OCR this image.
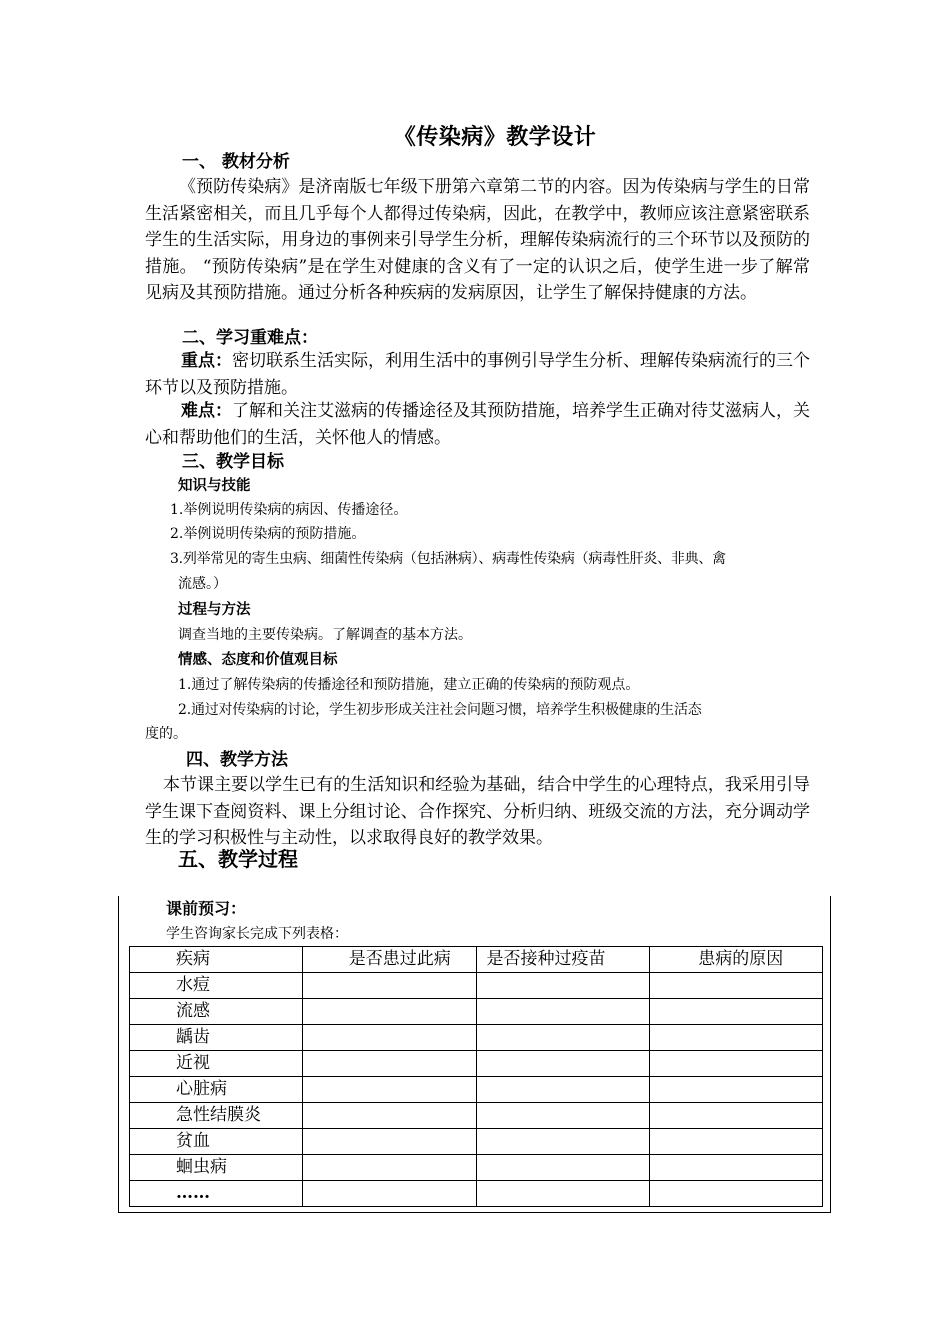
《传染病》教学设计
一、 教材分析
《预防传染病》是济南版七年级下册第六章第二节的内容。因为传染病与学生的日常生活紧密相关，而且几乎每个人都得过传染病，因此，在教学中，教师应该注意紧密联系学生的生活实际，用身边的事例来引导学生分析，理解传染病流行的三个环节以及预防的措施。 “预防传染病”是在学生对健康的含义有了一定的认识之后，使学生进一步了解常见病及其预防措施。通过分析各种疾病的发病原因，让学生了解保持健康的方法。
二、学习重难点：
重点：密切联系生活实际，利用生活中的事例引导学生分析、理解传染病流行的三个环节以及预防措施。
难点：了解和关注艾滋病的传播途径及其预防措施，培养学生正确对待艾滋病人，关心和帮助他们的生活，关怀他人的情感。
三、教学目标
知识与技能
1.举例说明传染病的病因、传播途径。
2.举例说明传染病的预防措施。
3.列举常见的寄生虫病、细菌性传染病（包括淋病）、病毒性传染病（病毒性肝炎、非典、禽
流感。）
过程与方法
调查当地的主要传染病。了解调查的基本方法。
情感、态度和价值观目标
1.通过了解传染病的传播途径和预防措施，建立正确的传染病的预防观点。
2.通过对传染病的讨论，学生初步形成关注社会问题习惯，培养学生积极健康的生活态
度的。
四、教学方法
本节课主要以学生已有的生活知识和经验为基础，结合中学生的心理特点，我采用引导学生课下查阅资料、课上分组讨论、合作探究、分析归纳、班级交流的方法，充分调动学生的学习积极性与主动性，以求取得良好的教学效果。
五、教学过程
课前预习：
学生咨询家长完成下列表格：
疾病	是否患过此病	是否接种过疫苗	患病的原因
水痘			
流感			
龋齿			
近视			
心脏病			
急性结膜炎			
贫血			
蛔虫病			
……			
